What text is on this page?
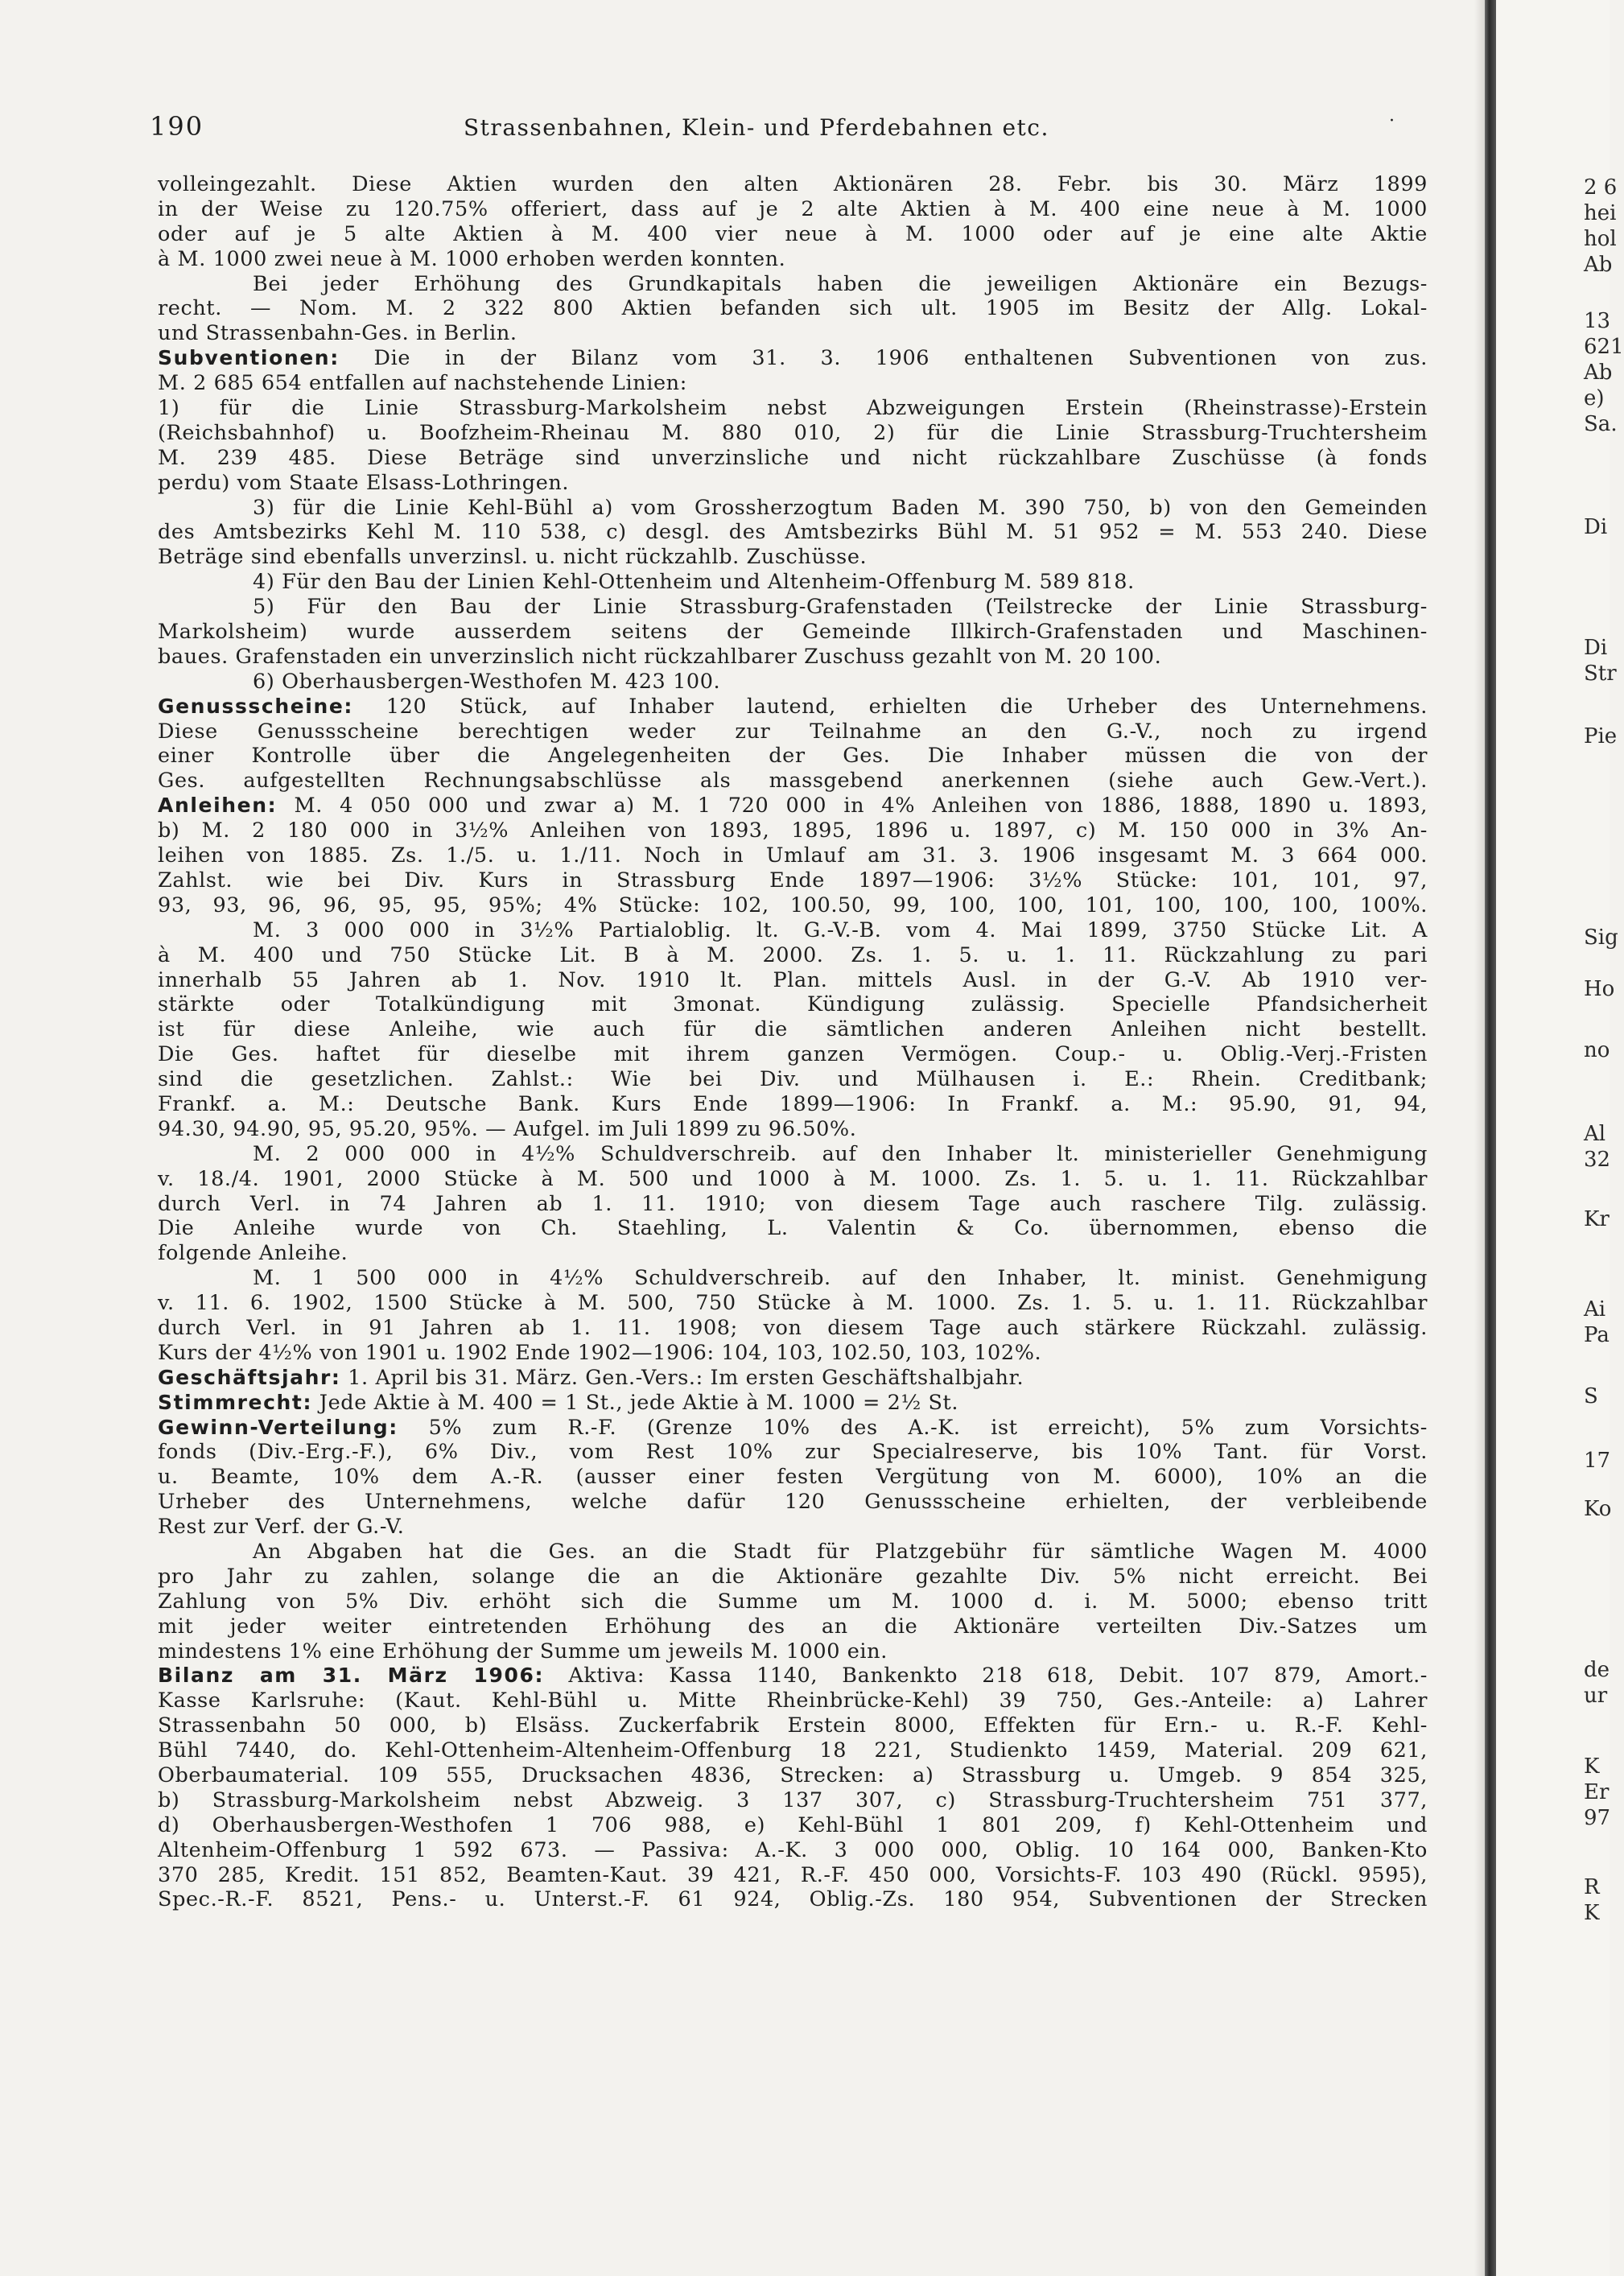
190	Strassenbahnen, Klein- und Pferdebahnen etc.	·
volleingezahlt. Diese Aktien wurden den alten Aktionären 28. Febr. bis 30. März 1899
in der Weise zu 120.75% offeriert, dass auf je 2 alte Aktien à M. 400 eine neue à M. 1000
oder auf je 5 alte Aktien à M. 400 vier neue à M. 1000 oder auf je eine alte Aktie
à M. 1000 zwei neue à M. 1000 erhoben werden konnten.
Bei jeder Erhöhung des Grundkapitals haben die jeweiligen Aktionäre ein Bezugs-
recht. — Nom. M. 2 322 800 Aktien befanden sich ult. 1905 im Besitz der Allg. Lokal-
und Strassenbahn-Ges. in Berlin.
Subventionen: Die in der Bilanz vom 31. 3. 1906 enthaltenen Subventionen von zus.
M. 2 685 654 entfallen auf nachstehende Linien:
1) für die Linie Strassburg-Markolsheim nebst Abzweigungen Erstein (Rheinstrasse)-Erstein
(Reichsbahnhof) u. Boofzheim-Rheinau M. 880 010, 2) für die Linie Strassburg-Truchtersheim
M. 239 485. Diese Beträge sind unverzinsliche und nicht rückzahlbare Zuschüsse (à fonds
perdu) vom Staate Elsass-Lothringen.
3) für die Linie Kehl-Bühl a) vom Grossherzogtum Baden M. 390 750, b) von den Gemeinden
des Amtsbezirks Kehl M. 110 538, c) desgl. des Amtsbezirks Bühl M. 51 952 = M. 553 240. Diese
Beträge sind ebenfalls unverzinsl. u. nicht rückzahlb. Zuschüsse.
4) Für den Bau der Linien Kehl-Ottenheim und Altenheim-Offenburg M. 589 818.
5) Für den Bau der Linie Strassburg-Grafenstaden (Teilstrecke der Linie Strassburg-
Markolsheim) wurde ausserdem seitens der Gemeinde Illkirch-Grafenstaden und Maschinen-
baues. Grafenstaden ein unverzinslich nicht rückzahlbarer Zuschuss gezahlt von M. 20 100.
6) Oberhausbergen-Westhofen M. 423 100.
Genussscheine: 120 Stück, auf Inhaber lautend, erhielten die Urheber des Unternehmens.
Diese Genussscheine berechtigen weder zur Teilnahme an den G.-V., noch zu irgend
einer Kontrolle über die Angelegenheiten der Ges. Die Inhaber müssen die von der
Ges. aufgestellten Rechnungsabschlüsse als massgebend anerkennen (siehe auch Gew.-Vert.).
Anleihen: M. 4 050 000 und zwar a) M. 1 720 000 in 4% Anleihen von 1886, 1888, 1890 u. 1893,
b) M. 2 180 000 in 3½% Anleihen von 1893, 1895, 1896 u. 1897, c) M. 150 000 in 3% An-
leihen von 1885. Zs. 1./5. u. 1./11. Noch in Umlauf am 31. 3. 1906 insgesamt M. 3 664 000.
Zahlst. wie bei Div. Kurs in Strassburg Ende 1897—1906: 3½% Stücke: 101, 101, 97,
93, 93, 96, 96, 95, 95, 95%; 4% Stücke: 102, 100.50, 99, 100, 100, 101, 100, 100, 100, 100%.
M. 3 000 000 in 3½% Partialoblig. lt. G.-V.-B. vom 4. Mai 1899, 3750 Stücke Lit. A
à M. 400 und 750 Stücke Lit. B à M. 2000. Zs. 1. 5. u. 1. 11. Rückzahlung zu pari
innerhalb 55 Jahren ab 1. Nov. 1910 lt. Plan. mittels Ausl. in der G.-V. Ab 1910 ver-
stärkte oder Totalkündigung mit 3monat. Kündigung zulässig. Specielle Pfandsicherheit
ist für diese Anleihe, wie auch für die sämtlichen anderen Anleihen nicht bestellt.
Die Ges. haftet für dieselbe mit ihrem ganzen Vermögen. Coup.- u. Oblig.-Verj.-Fristen
sind die gesetzlichen. Zahlst.: Wie bei Div. und Mülhausen i. E.: Rhein. Creditbank;
Frankf. a. M.: Deutsche Bank. Kurs Ende 1899—1906: In Frankf. a. M.: 95.90, 91, 94,
94.30, 94.90, 95, 95.20, 95%. — Aufgel. im Juli 1899 zu 96.50%.
M. 2 000 000 in 4½% Schuldverschreib. auf den Inhaber lt. ministerieller Genehmigung
v. 18./4. 1901, 2000 Stücke à M. 500 und 1000 à M. 1000. Zs. 1. 5. u. 1. 11. Rückzahlbar
durch Verl. in 74 Jahren ab 1. 11. 1910; von diesem Tage auch raschere Tilg. zulässig.
Die Anleihe wurde von Ch. Staehling, L. Valentin & Co. übernommen, ebenso die
folgende Anleihe.
M. 1 500 000 in 4½% Schuldverschreib. auf den Inhaber, lt. minist. Genehmigung
v. 11. 6. 1902, 1500 Stücke à M. 500, 750 Stücke à M. 1000. Zs. 1. 5. u. 1. 11. Rückzahlbar
durch Verl. in 91 Jahren ab 1. 11. 1908; von diesem Tage auch stärkere Rückzahl. zulässig.
Kurs der 4½% von 1901 u. 1902 Ende 1902—1906: 104, 103, 102.50, 103, 102%.
Geschäftsjahr: 1. April bis 31. März. Gen.-Vers.: Im ersten Geschäftshalbjahr.
Stimmrecht: Jede Aktie à M. 400 = 1 St., jede Aktie à M. 1000 = 2½ St.
Gewinn-Verteilung: 5% zum R.-F. (Grenze 10% des A.-K. ist erreicht), 5% zum Vorsichts-
fonds (Div.-Erg.-F.), 6% Div., vom Rest 10% zur Specialreserve, bis 10% Tant. für Vorst.
u. Beamte, 10% dem A.-R. (ausser einer festen Vergütung von M. 6000), 10% an die
Urheber des Unternehmens, welche dafür 120 Genussscheine erhielten, der verbleibende
Rest zur Verf. der G.-V.
An Abgaben hat die Ges. an die Stadt für Platzgebühr für sämtliche Wagen M. 4000
pro Jahr zu zahlen, solange die an die Aktionäre gezahlte Div. 5% nicht erreicht. Bei
Zahlung von 5% Div. erhöht sich die Summe um M. 1000 d. i. M. 5000; ebenso tritt
mit jeder weiter eintretenden Erhöhung des an die Aktionäre verteilten Div.-Satzes um
mindestens 1% eine Erhöhung der Summe um jeweils M. 1000 ein.
Bilanz am 31. März 1906: Aktiva: Kassa 1140, Bankenkto 218 618, Debit. 107 879, Amort.-
Kasse Karlsruhe: (Kaut. Kehl-Bühl u. Mitte Rheinbrücke-Kehl) 39 750, Ges.-Anteile: a) Lahrer
Strassenbahn 50 000, b) Elsäss. Zuckerfabrik Erstein 8000, Effekten für Ern.- u. R.-F. Kehl-
Bühl 7440, do. Kehl-Ottenheim-Altenheim-Offenburg 18 221, Studienkto 1459, Material. 209 621,
Oberbaumaterial. 109 555, Drucksachen 4836, Strecken: a) Strassburg u. Umgeb. 9 854 325,
b) Strassburg-Markolsheim nebst Abzweig. 3 137 307, c) Strassburg-Truchtersheim 751 377,
d) Oberhausbergen-Westhofen 1 706 988, e) Kehl-Bühl 1 801 209, f) Kehl-Ottenheim und
Altenheim-Offenburg 1 592 673. — Passiva: A.-K. 3 000 000, Oblig. 10 164 000, Banken-Kto
370 285, Kredit. 151 852, Beamten-Kaut. 39 421, R.-F. 450 000, Vorsichts-F. 103 490 (Rückl. 9595),
Spec.-R.-F. 8521, Pens.- u. Unterst.-F. 61 924, Oblig.-Zs. 180 954, Subventionen der Strecken
2 6
hei
hol
Ab
13
621
Ab
e)
Sa.
Di
Di
Str
Pie
Sig
Ho
no
Al
32
Kr
Ai
Pa
S
17
Ko
de
ur
K
Er
97
R
K
